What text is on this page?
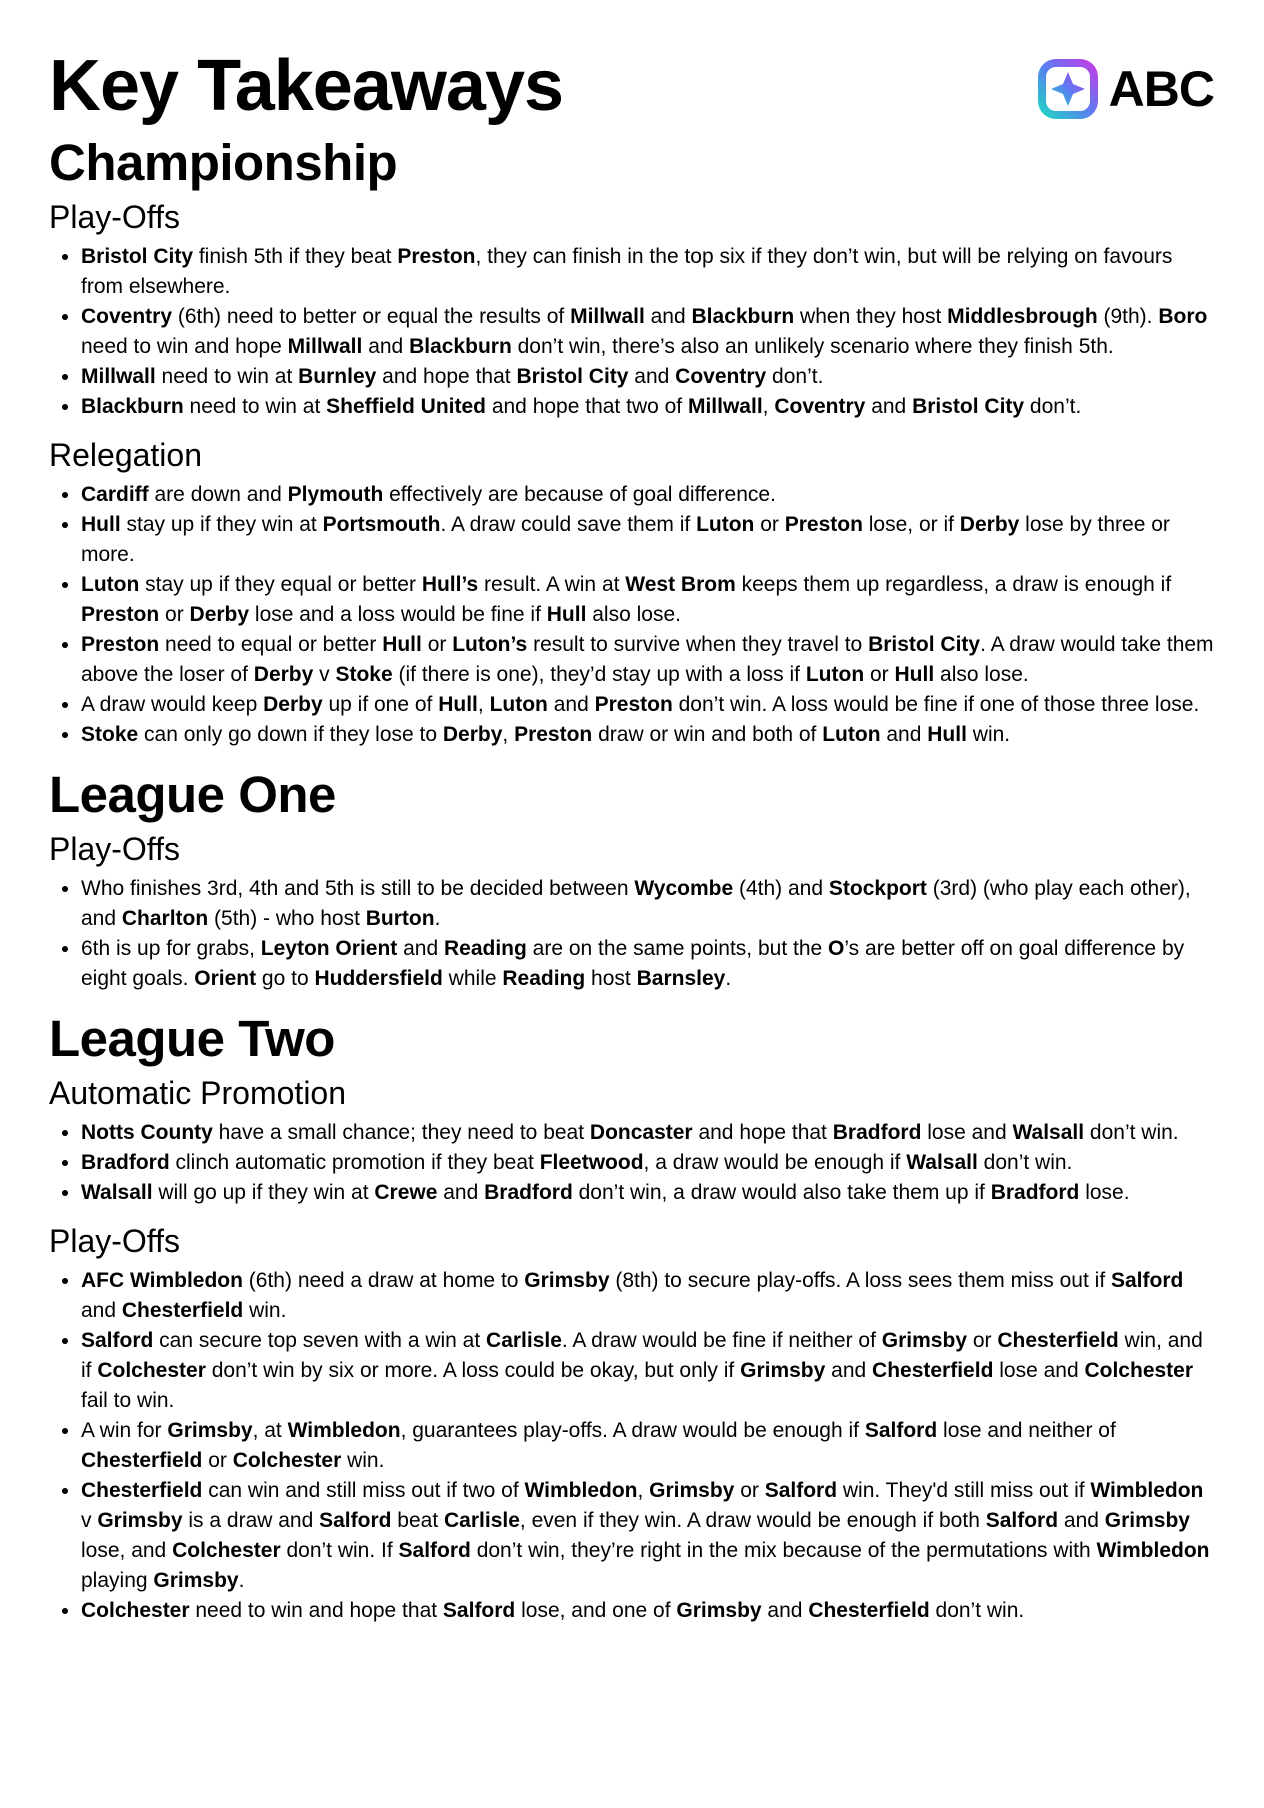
ABC
Key Takeaways
Championship
Play-Offs
• Bristol City finish 5th if they beat Preston, they can finish in the top six if they don’t win, but will be relying on favours from elsewhere.
• Coventry (6th) need to better or equal the results of Millwall and Blackburn when they host Middlesbrough (9th). Boro need to win and hope Millwall and Blackburn don’t win, there’s also an unlikely scenario where they finish 5th.
• Millwall need to win at Burnley and hope that Bristol City and Coventry don’t.
• Blackburn need to win at Sheffield United and hope that two of Millwall, Coventry and Bristol City don’t.
Relegation
• Cardiff are down and Plymouth effectively are because of goal difference.
• Hull stay up if they win at Portsmouth. A draw could save them if Luton or Preston lose, or if Derby lose by three or more.
• Luton stay up if they equal or better Hull’s result. A win at West Brom keeps them up regardless, a draw is enough if Preston or Derby lose and a loss would be fine if Hull also lose.
• Preston need to equal or better Hull or Luton’s result to survive when they travel to Bristol City. A draw would take them above the loser of Derby v Stoke (if there is one), they’d stay up with a loss if Luton or Hull also lose.
• A draw would keep Derby up if one of Hull, Luton and Preston don’t win. A loss would be fine if one of those three lose.
• Stoke can only go down if they lose to Derby, Preston draw or win and both of Luton and Hull win.
League One
Play-Offs
• Who finishes 3rd, 4th and 5th is still to be decided between Wycombe (4th) and Stockport (3rd) (who play each other), and Charlton (5th) - who host Burton.
• 6th is up for grabs, Leyton Orient and Reading are on the same points, but the O’s are better off on goal difference by eight goals. Orient go to Huddersfield while Reading host Barnsley.
League Two
Automatic Promotion
• Notts County have a small chance; they need to beat Doncaster and hope that Bradford lose and Walsall don’t win.
• Bradford clinch automatic promotion if they beat Fleetwood, a draw would be enough if Walsall don’t win.
• Walsall will go up if they win at Crewe and Bradford don’t win, a draw would also take them up if Bradford lose.
Play-Offs
• AFC Wimbledon (6th) need a draw at home to Grimsby (8th) to secure play-offs. A loss sees them miss out if Salford and Chesterfield win.
• Salford can secure top seven with a win at Carlisle. A draw would be fine if neither of Grimsby or Chesterfield win, and if Colchester don’t win by six or more. A loss could be okay, but only if Grimsby and Chesterfield lose and Colchester fail to win.
• A win for Grimsby, at Wimbledon, guarantees play-offs. A draw would be enough if Salford lose and neither of Chesterfield or Colchester win.
• Chesterfield can win and still miss out if two of Wimbledon, Grimsby or Salford win. They'd still miss out if Wimbledon v Grimsby is a draw and Salford beat Carlisle, even if they win. A draw would be enough if both Salford and Grimsby lose, and Colchester don’t win. If Salford don’t win, they’re right in the mix because of the permutations with Wimbledon playing Grimsby.
• Colchester need to win and hope that Salford lose, and one of Grimsby and Chesterfield don’t win.
